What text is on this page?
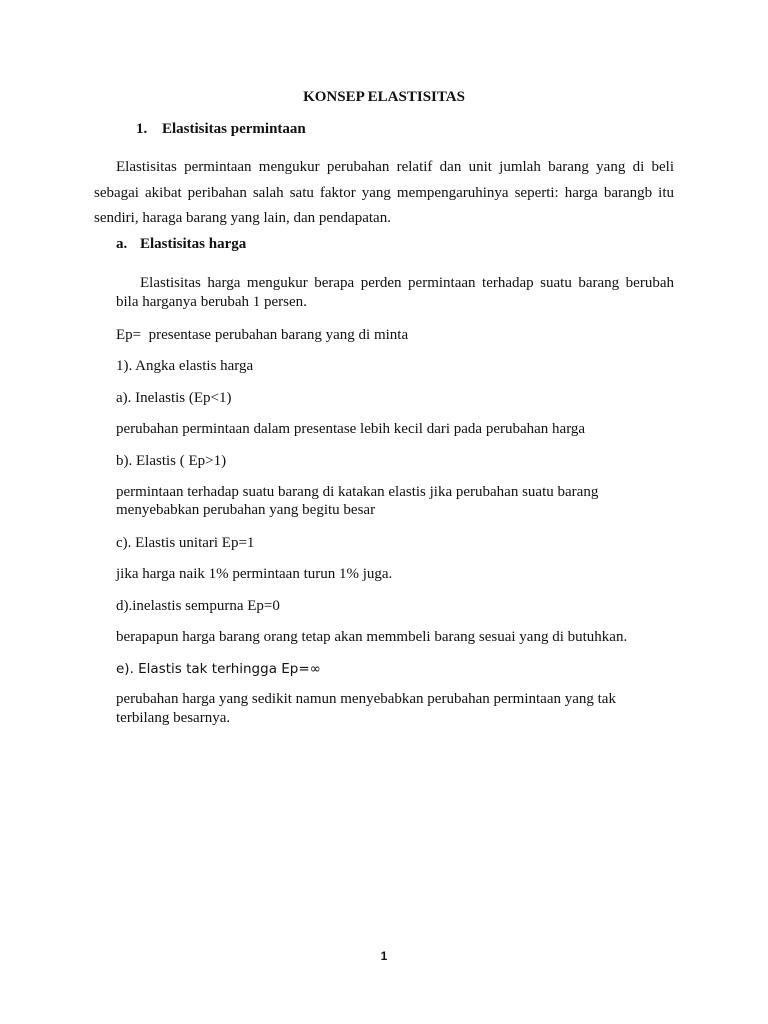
KONSEP ELASTISITAS
1. Elastisitas permintaan
Elastisitas permintaan mengukur perubahan relatif dan unit jumlah barang yang di beli
sebagai akibat peribahan salah satu faktor yang mempengaruhinya seperti: harga barangb itu
sendiri, haraga barang yang lain, dan pendapatan.
a. Elastisitas harga
Elastisitas harga mengukur berapa perden permintaan terhadap suatu barang berubah
bila harganya berubah 1 persen.
Ep=  presentase perubahan barang yang di minta
1). Angka elastis harga
a). Inelastis (Ep<1)
perubahan permintaan dalam presentase lebih kecil dari pada perubahan harga
b). Elastis ( Ep>1)
permintaan terhadap suatu barang di katakan elastis jika perubahan suatu barang
menyebabkan perubahan yang begitu besar
c). Elastis unitari Ep=1
jika harga naik 1% permintaan turun 1% juga.
d).inelastis sempurna Ep=0
berapapun harga barang orang tetap akan memmbeli barang sesuai yang di butuhkan.
e). Elastis tak terhingga Ep=∞
perubahan harga yang sedikit namun menyebabkan perubahan permintaan yang tak
terbilang besarnya.
1
